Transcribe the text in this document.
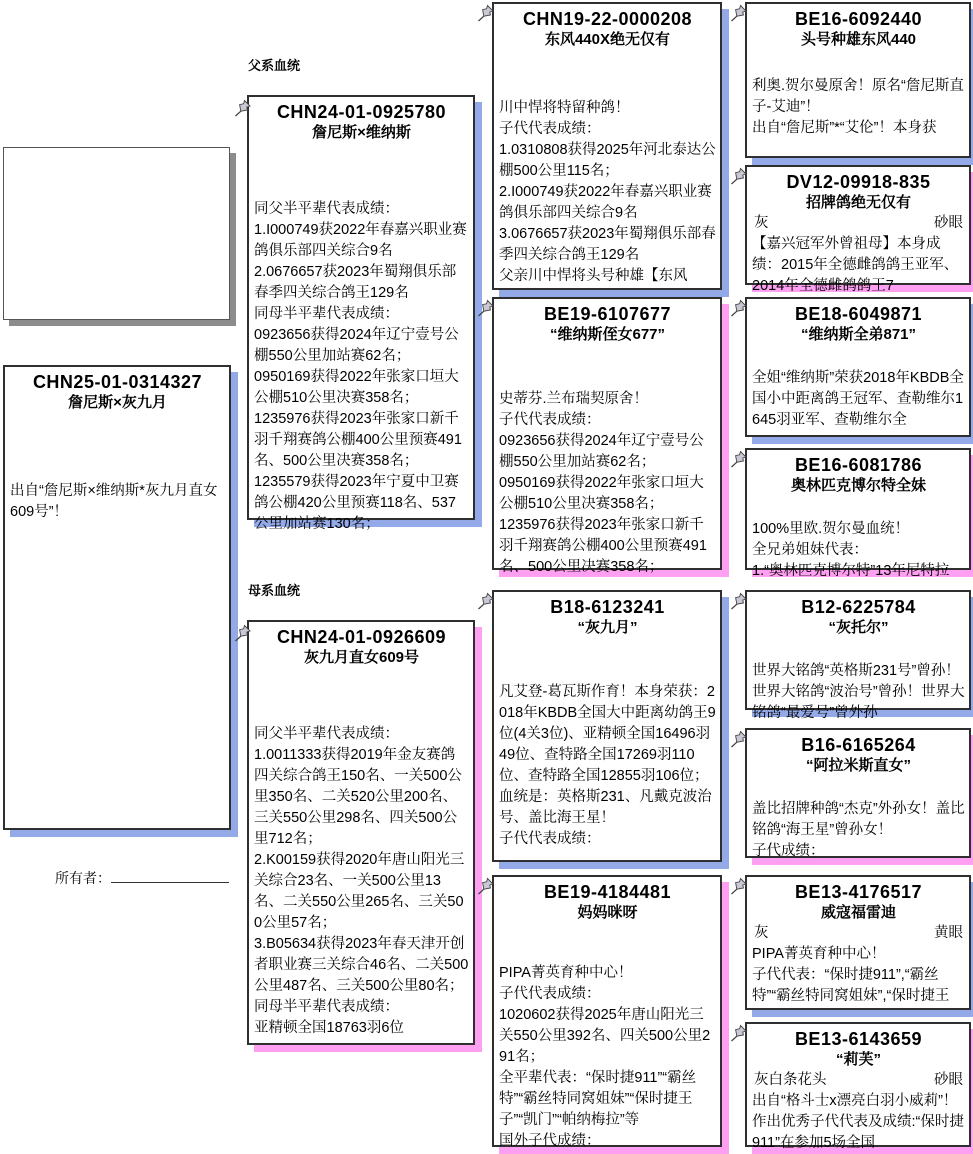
父系血统
母系血统
CHN25-01-0314327
詹尼斯×灰九月
出自“詹尼斯×维纳斯*灰九月直女609号”！
CHN24-01-0925780
詹尼斯×维纳斯
同父半平辈代表成绩：
1.I000749获2022年春嘉兴职业赛鸽俱乐部四关综合9名
2.0676657获2023年蜀翔俱乐部春季四关综合鸽王129名
同母半平辈代表成绩：
0923656获得2024年辽宁壹号公棚550公里加站赛62名；
0950169获得2022年张家口垣大公棚510公里决赛358名；
1235976获得2023年张家口新千羽千翔赛鸽公棚400公里预赛491名、500公里决赛358名；
1235579获得2023年宁夏中卫赛鸽公棚420公里预赛118名、537公里加站赛130名；
CHN24-01-0926609
灰九月直女609号
同父半平辈代表成绩：
1.0011333获得2019年金友赛鸽四关综合鸽王150名、一关500公里350名、二关520公里200名、三关550公里298名、四关500公里712名；
2.K00159获得2020年唐山阳光三关综合23名、一关500公里13名、二关550公里265名、三关500公里57名；
3.B05634获得2023年春天津开创者职业赛三关综合46名、二关500公里487名、三关500公里80名；
同母半平辈代表成绩：
亚精顿全国18763羽6位
CHN19-22-0000208
东风440X绝无仅有
川中悍将特留种鸽！
子代代表成绩：
1.0310808获得2025年河北泰达公棚500公里115名；
2.I000749获2022年春嘉兴职业赛鸽俱乐部四关综合9名
3.0676657获2023年蜀翔俱乐部春季四关综合鸽王129名
父亲川中悍将头号种雄【东风
BE19-6107677
“维纳斯侄女677”
史蒂芬.兰布瑞契原舍！
子代代表成绩：
0923656获得2024年辽宁壹号公棚550公里加站赛62名；
0950169获得2022年张家口垣大公棚510公里决赛358名；
1235976获得2023年张家口新千羽千翔赛鸽公棚400公里预赛491名、500公里决赛358名；
B18-6123241
“灰九月”
凡艾登-葛瓦斯作育！本身荣获：2018年KBDB全国大中距离幼鸽王9位(4关3位)、亚精顿全国16496羽49位、查特路全国17269羽110位、查特路全国12855羽106位；血统是：英格斯231、凡戴克波治号、盖比海王星！
子代代表成绩：
BE19-4184481
妈妈咪呀
PIPA菁英育种中心！
子代代表成绩：
1020602获得2025年唐山阳光三关550公里392名、四关500公里291名；
全平辈代表：“保时捷911”“霸丝特”“霸丝特同窝姐妹”“保时捷王子”“凯门”“帕纳梅拉”等
国外子代成绩：
BE16-6092440
头号种雄东风440
利奥.贺尔曼原舍！原名“詹尼斯直子-艾迪”！
出自“詹尼斯”*“艾伦”！本身获
DV12-09918-835
招牌鸽绝无仅有
灰	砂眼
【嘉兴冠军外曾祖母】本身成绩：2015年全德雌鸽鸽王亚军、2014年全德雌鸽鸽王7
BE18-6049871
“维纳斯全弟871”
全姐“维纳斯”荣获2018年KBDB全国小中距离鸽王冠军、查勒维尔1645羽亚军、查勒维尔全
BE16-6081786
奥林匹克博尔特全妹
100%里欧.贺尔曼血统！
全兄弟姐妹代表：
1.“奥林匹克博尔特”13年尼特拉
B12-6225784
“灰托尔”
世界大铭鸽“英格斯231号”曾孙！世界大铭鸽“波治号”曾孙！世界大铭鸽“最爱号”曾外孙
B16-6165264
“阿拉米斯直女”
盖比招牌种鸽“杰克”外孙女！盖比铭鸽“海王星”曾孙女！
子代成绩：
BE13-4176517
威寇福雷迪
灰	黄眼
PIPA菁英育种中心！
子代代表：“保时捷911”,“霸丝特”“霸丝特同窝姐妹”,“保时捷王
BE13-6143659
“莉芙”
灰白条花头	砂眼
出自“格斗士x漂亮白羽小威莉”！作出优秀子代代表及成绩:“保时捷911”在参加5场全国
所有者：
